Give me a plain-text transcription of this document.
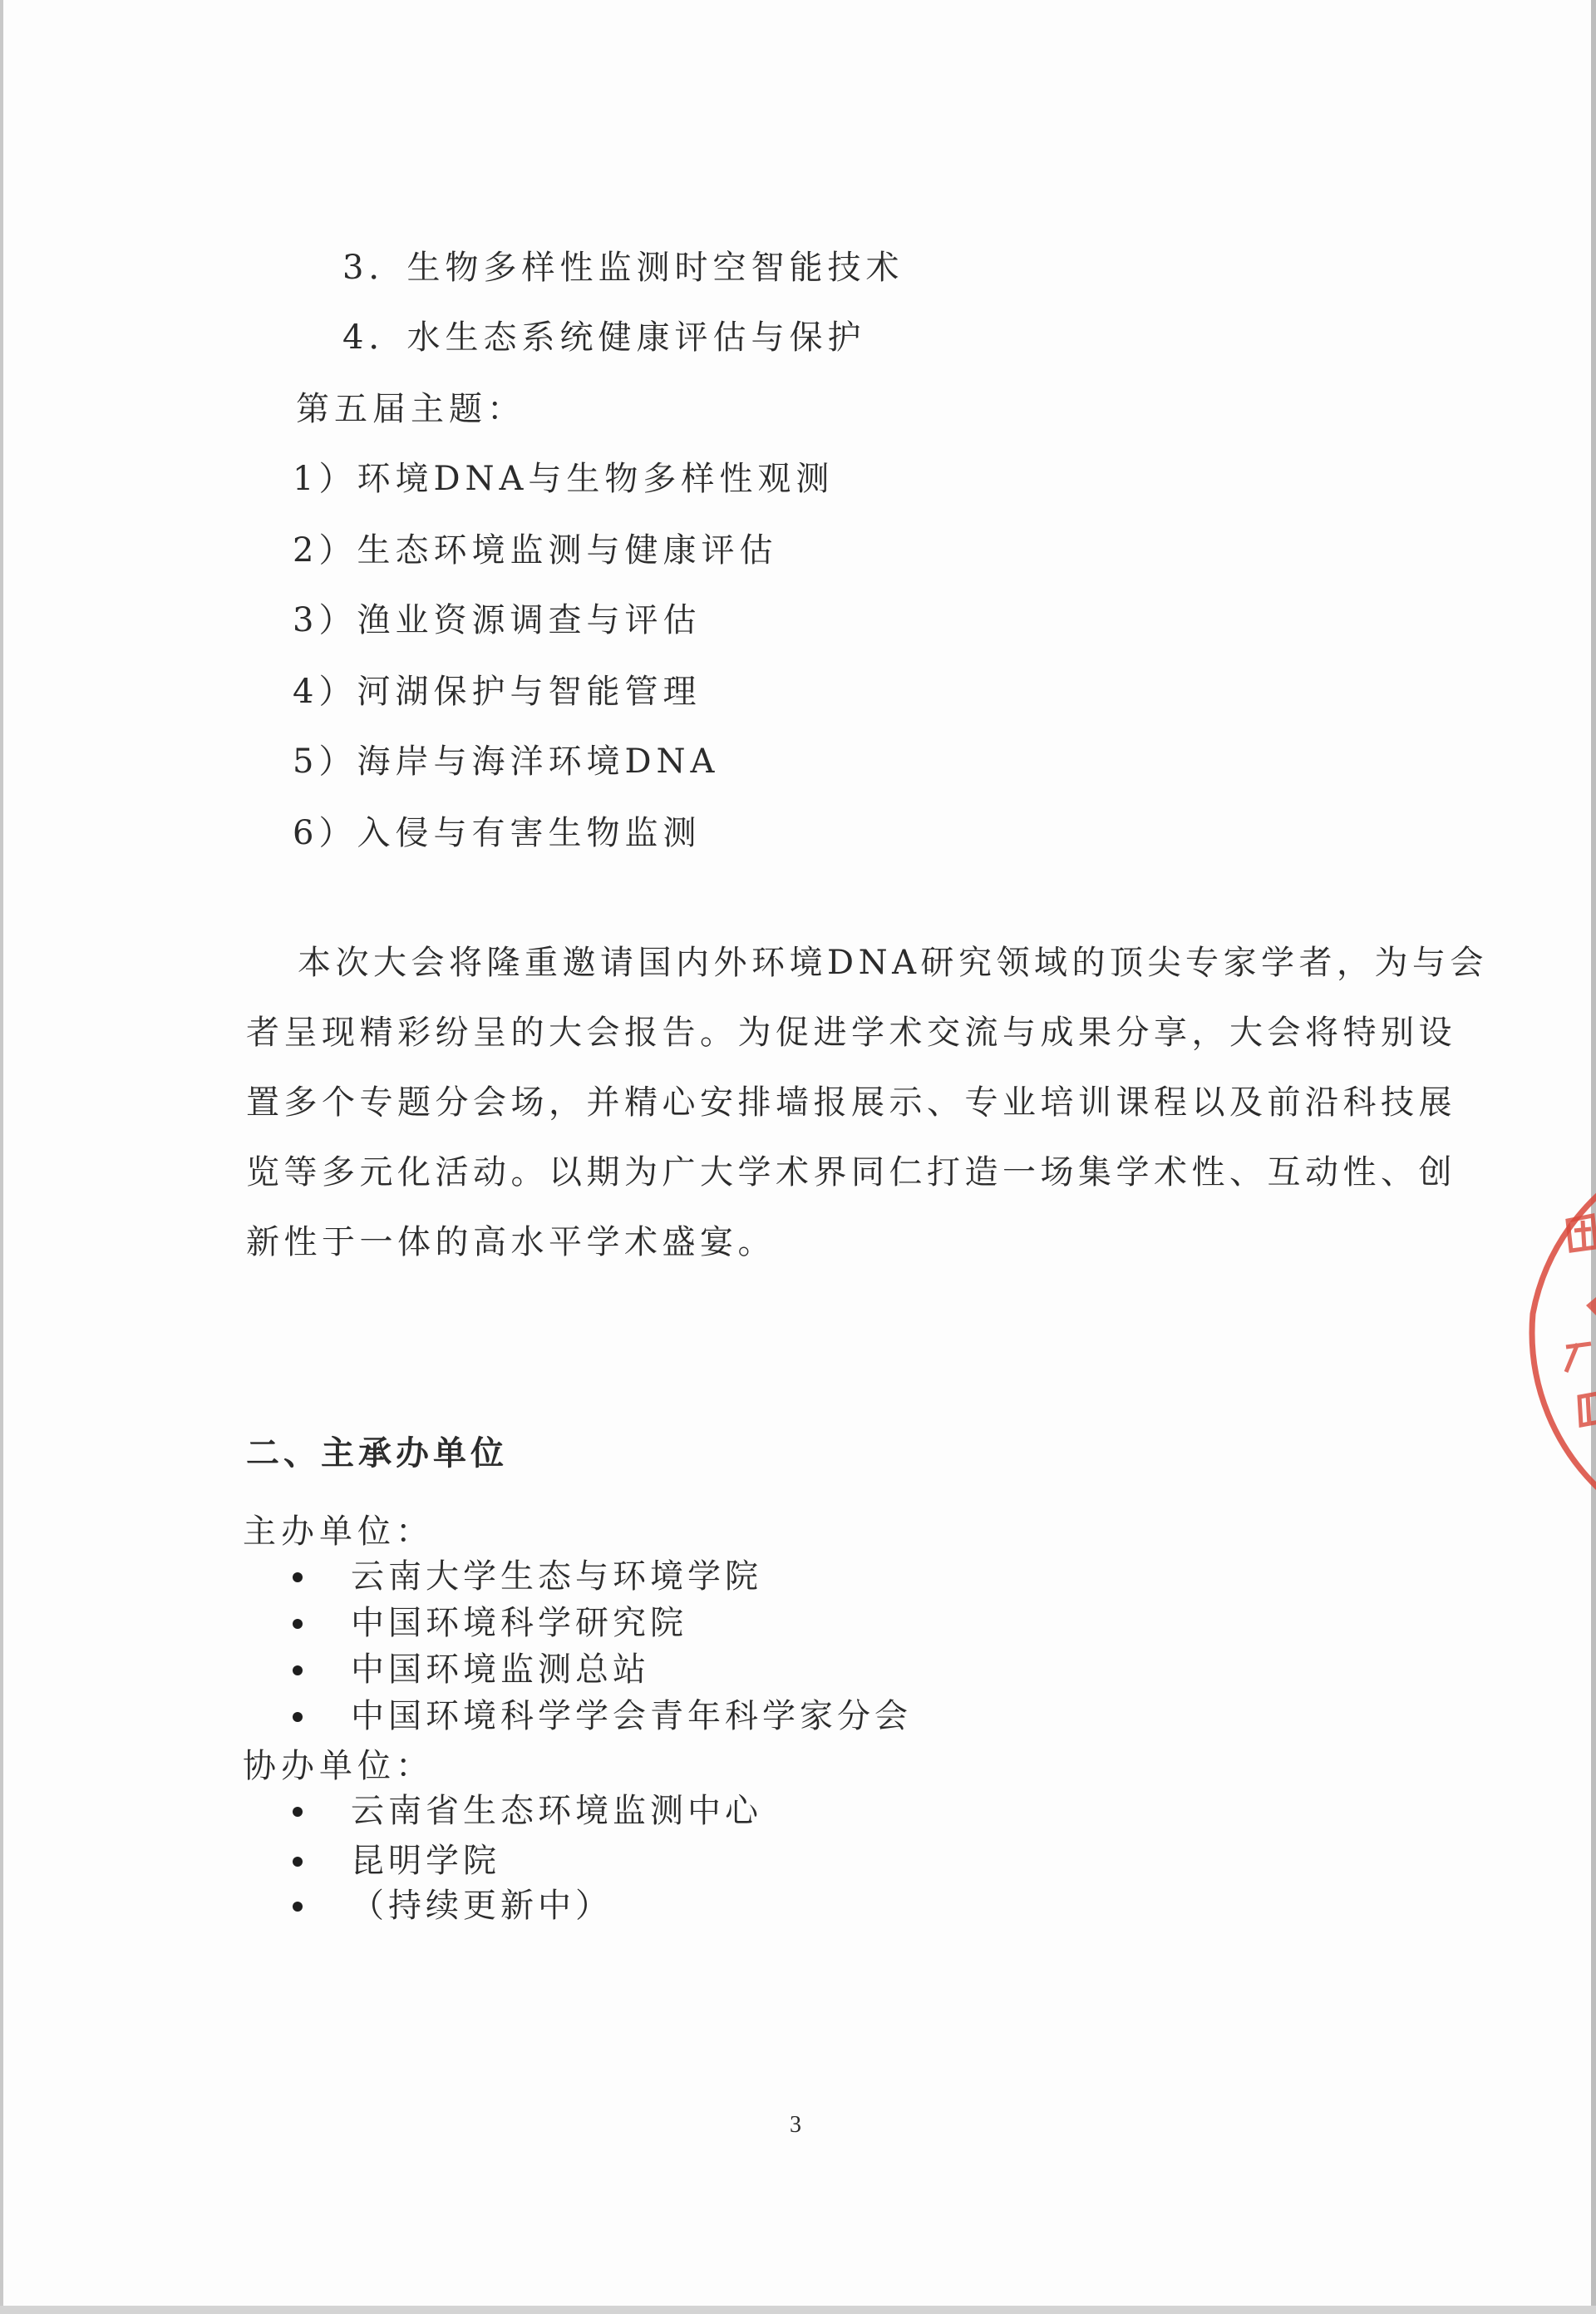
3．生物多样性监测时空智能技术
4．水生态系统健康评估与保护
第五届主题：
1）环境DNA与生物多样性观测
2）生态环境监测与健康评估
3）渔业资源调查与评估
4）河湖保护与智能管理
5）海岸与海洋环境DNA
6）入侵与有害生物监测
本次大会将隆重邀请国内外环境DNA研究领域的顶尖专家学者，为与会
者呈现精彩纷呈的大会报告。为促进学术交流与成果分享，大会将特别设
置多个专题分会场，并精心安排墙报展示、专业培训课程以及前沿科技展
览等多元化活动。以期为广大学术界同仁打造一场集学术性、互动性、创
新性于一体的高水平学术盛宴。
二、主承办单位
主办单位：
云南大学生态与环境学院
中国环境科学研究院
中国环境监测总站
中国环境科学学会青年科学家分会
协办单位：
云南省生态环境监测中心
昆明学院
（持续更新中）
3
